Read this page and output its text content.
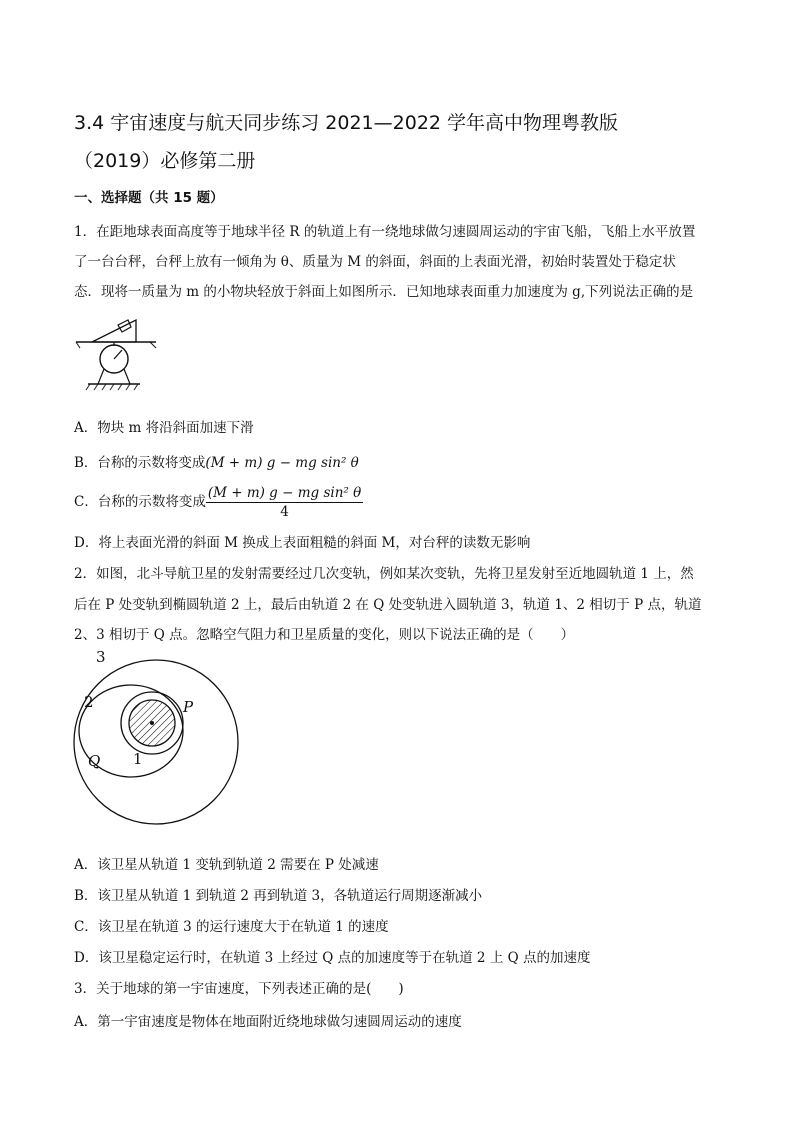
3.4 宇宙速度与航天同步练习 2021—2022 学年高中物理粤教版
（2019）必修第二册
一、选择题（共 15 题）
1．在距地球表面高度等于地球半径 R 的轨道上有一绕地球做匀速圆周运动的宇宙飞船，飞船上水平放置
了一台台秤，台秤上放有一倾角为 θ、质量为 M 的斜面，斜面的上表面光滑，初始时装置处于稳定状
态．现将一质量为 m 的小物块轻放于斜面上如图所示．已知地球表面重力加速度为 g,下列说法正确的是
A．物块 m 将沿斜面加速下滑
B．台称的示数将变成(M + m) g − mg sin² θ
C．台称的示数将变成 $\frac{\text{(M + m) g − mg sin² θ}}{4}$
D．将上表面光滑的斜面 M 换成上表面粗糙的斜面 M，对台秤的读数无影响
2．如图，北斗导航卫星的发射需要经过几次变轨，例如某次变轨，先将卫星发射至近地圆轨道 1 上，然
后在 P 处变轨到椭圆轨道 2 上，最后由轨道 2 在 Q 处变轨进入圆轨道 3，轨道 1、2 相切于 P 点，轨道
2、3 相切于 Q 点。忽略空气阻力和卫星质量的变化，则以下说法正确的是（　　）
3
2	P
Q 1
A．该卫星从轨道 1 变轨到轨道 2 需要在 P 处减速
B．该卫星从轨道 1 到轨道 2 再到轨道 3，各轨道运行周期逐渐减小
C．该卫星在轨道 3 的运行速度大于在轨道 1 的速度
D．该卫星稳定运行时，在轨道 3 上经过 Q 点的加速度等于在轨道 2 上 Q 点的加速度
3．关于地球的第一宇宙速度，下列表述正确的是(　　)
A．第一宇宙速度是物体在地面附近绕地球做匀速圆周运动的速度
